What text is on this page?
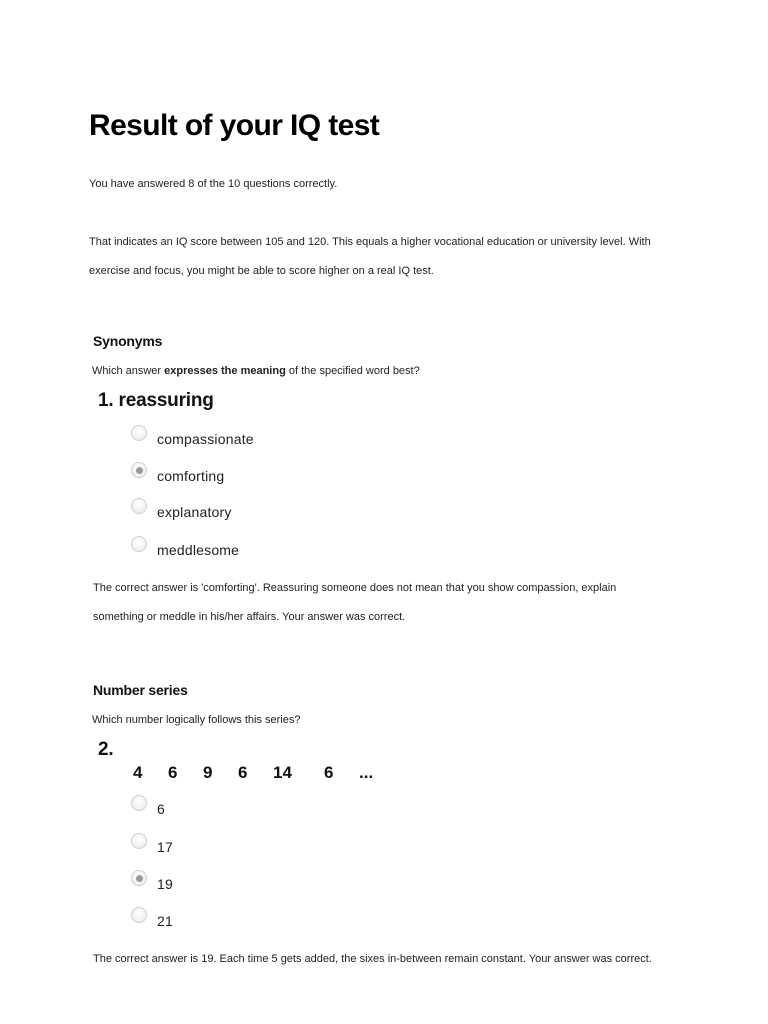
Result of your IQ test
You have answered 8 of the 10 questions correctly.
That indicates an IQ score between 105 and 120. This equals a higher vocational education or university level. With
exercise and focus, you might be able to score higher on a real IQ test.
Synonyms
Which answer expresses the meaning of the specified word best?
1. reassuring
compassionate
comforting
explanatory
meddlesome
The correct answer is 'comforting'. Reassuring someone does not mean that you show compassion, explain
something or meddle in his/her affairs. Your answer was correct.
Number series
Which number logically follows this series?
2.
4	6	9	6	14	6	...
6
17
19
21
The correct answer is 19. Each time 5 gets added, the sixes in-between remain constant. Your answer was correct.
